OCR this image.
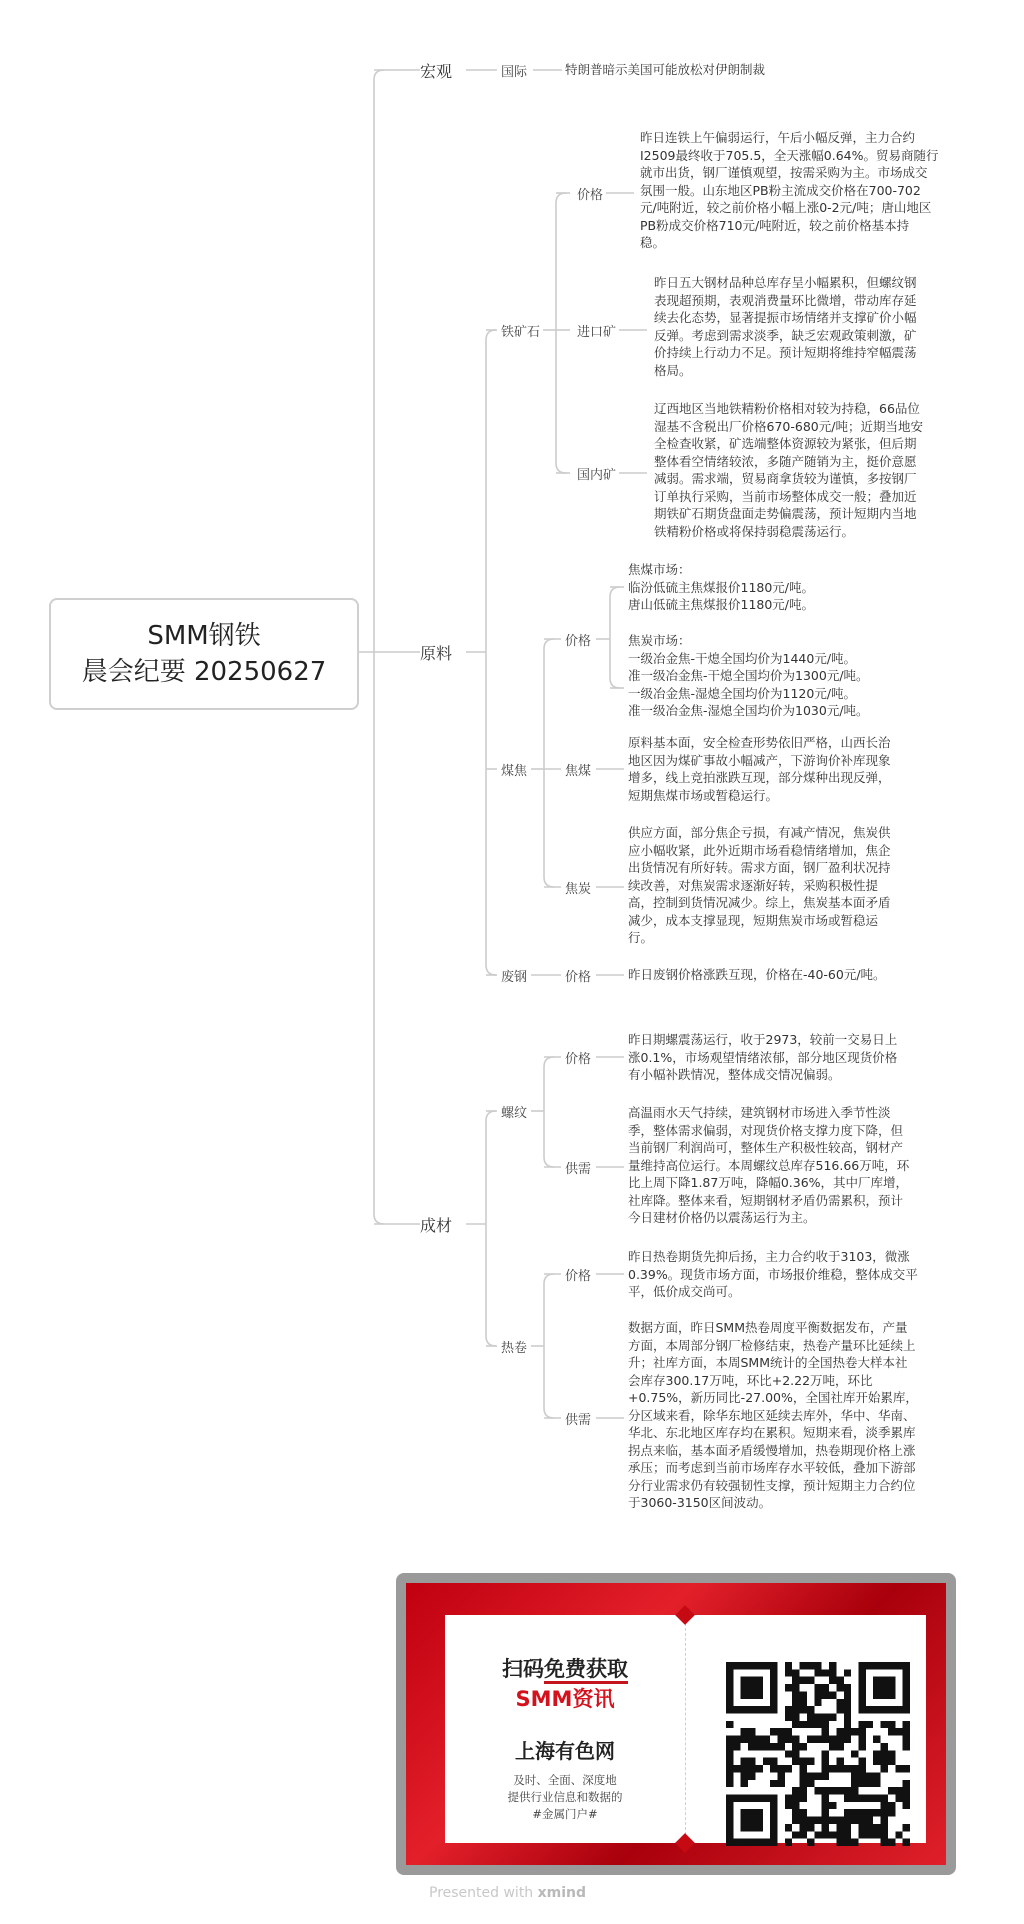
SMM钢铁
晨会纪要 20250627
宏观
原料
成材
国际	特朗普暗示美国可能放松对伊朗制裁
铁矿石
价格
昨日连铁上午偏弱运行，午后小幅反弹，主力合约
I2509最终收于705.5，全天涨幅0.64%。贸易商随行
就市出货，钢厂谨慎观望，按需采购为主。市场成交
氛围一般。山东地区PB粉主流成交价格在700-702
元/吨附近，较之前价格小幅上涨0-2元/吨；唐山地区
PB粉成交价格710元/吨附近，较之前价格基本持
稳。
进口矿
昨日五大钢材品种总库存呈小幅累积，但螺纹钢
表现超预期，表观消费量环比微增，带动库存延
续去化态势，显著提振市场情绪并支撑矿价小幅
反弹。考虑到需求淡季，缺乏宏观政策刺激，矿
价持续上行动力不足。预计短期将维持窄幅震荡
格局。
国内矿
辽西地区当地铁精粉价格相对较为持稳，66品位
湿基不含税出厂价格670-680元/吨；近期当地安
全检查收紧，矿选端整体资源较为紧张，但后期
整体看空情绪较浓，多随产随销为主，挺价意愿
减弱。需求端，贸易商拿货较为谨慎，多按钢厂
订单执行采购，当前市场整体成交一般；叠加近
期铁矿石期货盘面走势偏震荡，预计短期内当地
铁精粉价格或将保持弱稳震荡运行。
煤焦
价格
焦煤市场：
临汾低硫主焦煤报价1180元/吨。
唐山低硫主焦煤报价1180元/吨。
焦炭市场：
一级冶金焦-干熄全国均价为1440元/吨。
准一级冶金焦-干熄全国均价为1300元/吨。
一级冶金焦-湿熄全国均价为1120元/吨。
准一级冶金焦-湿熄全国均价为1030元/吨。
焦煤
原料基本面，安全检查形势依旧严格，山西长治
地区因为煤矿事故小幅减产，下游询价补库现象
增多，线上竞拍涨跌互现，部分煤种出现反弹，
短期焦煤市场或暂稳运行。
焦炭
供应方面，部分焦企亏损，有减产情况，焦炭供
应小幅收紧，此外近期市场看稳情绪增加，焦企
出货情况有所好转。需求方面，钢厂盈利状况持
续改善，对焦炭需求逐渐好转，采购积极性提
高，控制到货情况减少。综上，焦炭基本面矛盾
减少，成本支撑显现，短期焦炭市场或暂稳运
行。
废钢	价格	昨日废钢价格涨跌互现，价格在-40-60元/吨。
螺纹
价格
昨日期螺震荡运行，收于2973，较前一交易日上
涨0.1%，市场观望情绪浓郁，部分地区现货价格
有小幅补跌情况，整体成交情况偏弱。
供需
高温雨水天气持续，建筑钢材市场进入季节性淡
季，整体需求偏弱，对现货价格支撑力度下降，但
当前钢厂利润尚可，整体生产积极性较高，钢材产
量维持高位运行。本周螺纹总库存516.66万吨，环
比上周下降1.87万吨，降幅0.36%，其中厂库增，
社库降。整体来看，短期钢材矛盾仍需累积，预计
今日建材价格仍以震荡运行为主。
热卷
价格
昨日热卷期货先抑后扬，主力合约收于3103，微涨
0.39%。现货市场方面，市场报价维稳，整体成交平
平，低价成交尚可。
供需
数据方面，昨日SMM热卷周度平衡数据发布，产量
方面，本周部分钢厂检修结束，热卷产量环比延续上
升；社库方面，本周SMM统计的全国热卷大样本社
会库存300.17万吨，环比+2.22万吨，环比
+0.75%，新历同比-27.00%，全国社库开始累库，
分区域来看，除华东地区延续去库外，华中、华南、
华北、东北地区库存均在累积。短期来看，淡季累库
拐点来临，基本面矛盾缓慢增加，热卷期现价格上涨
承压；而考虑到当前市场库存水平较低，叠加下游部
分行业需求仍有较强韧性支撑，预计短期主力合约位
于3060-3150区间波动。
扫码免费获取
SMM资讯
上海有色网
及时、全面、深度地
提供行业信息和数据的
#金属门户#
Presented with xmind
